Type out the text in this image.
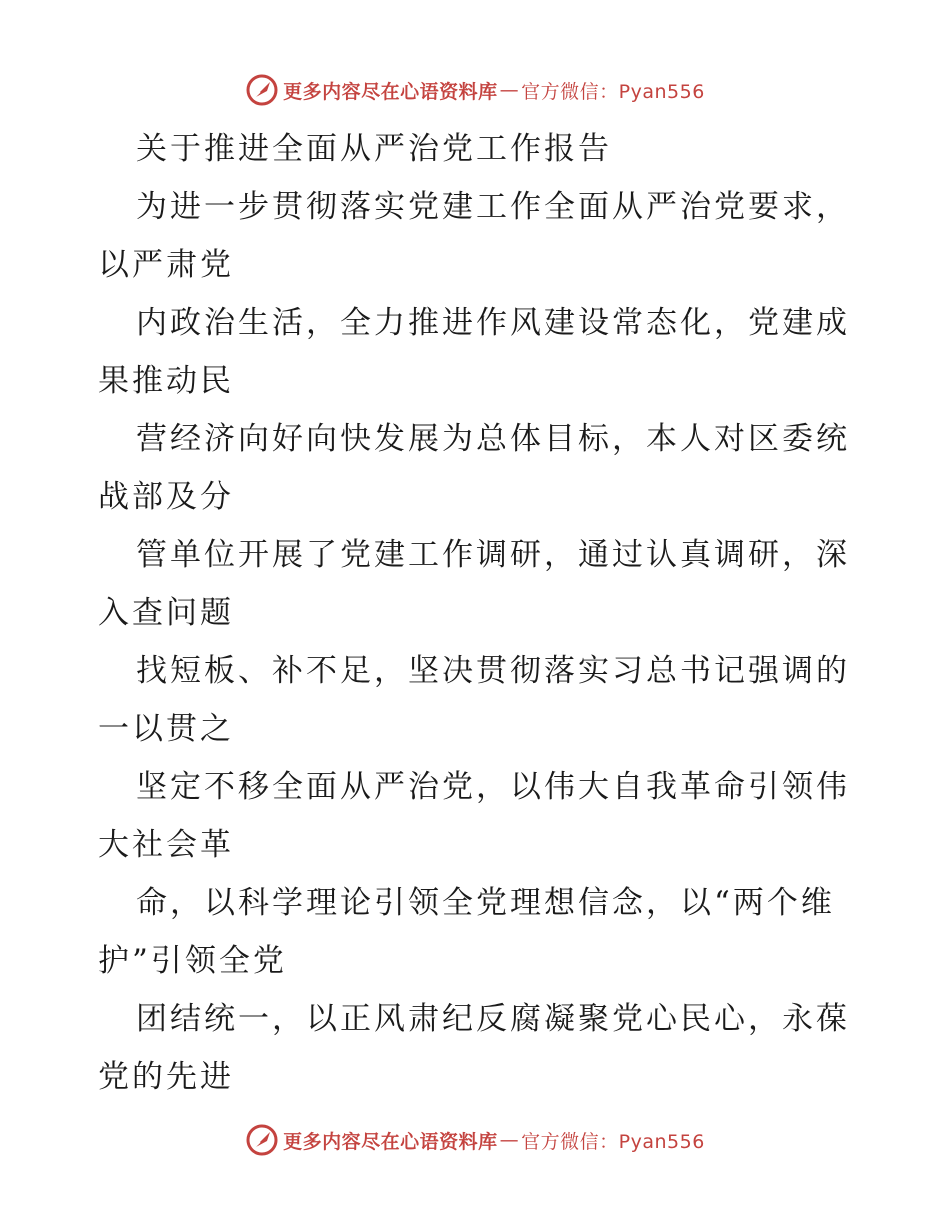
更多内容尽在心语资料库 — 官方微信：Pyan556
关于推进全面从严治党工作报告
为进一步贯彻落实党建工作全面从严治党要求，
以严肃党
内政治生活，全力推进作风建设常态化，党建成
果推动民
营经济向好向快发展为总体目标，本人对区委统
战部及分
管单位开展了党建工作调研，通过认真调研，深
入查问题
找短板、补不足，坚决贯彻落实习总书记强调的
一以贯之
坚定不移全面从严治党，以伟大自我革命引领伟
大社会革
命，以科学理论引领全党理想信念，以“两个维
护”引领全党
团结统一，以正风肃纪反腐凝聚党心民心，永葆
党的先进
更多内容尽在心语资料库 — 官方微信：Pyan556
